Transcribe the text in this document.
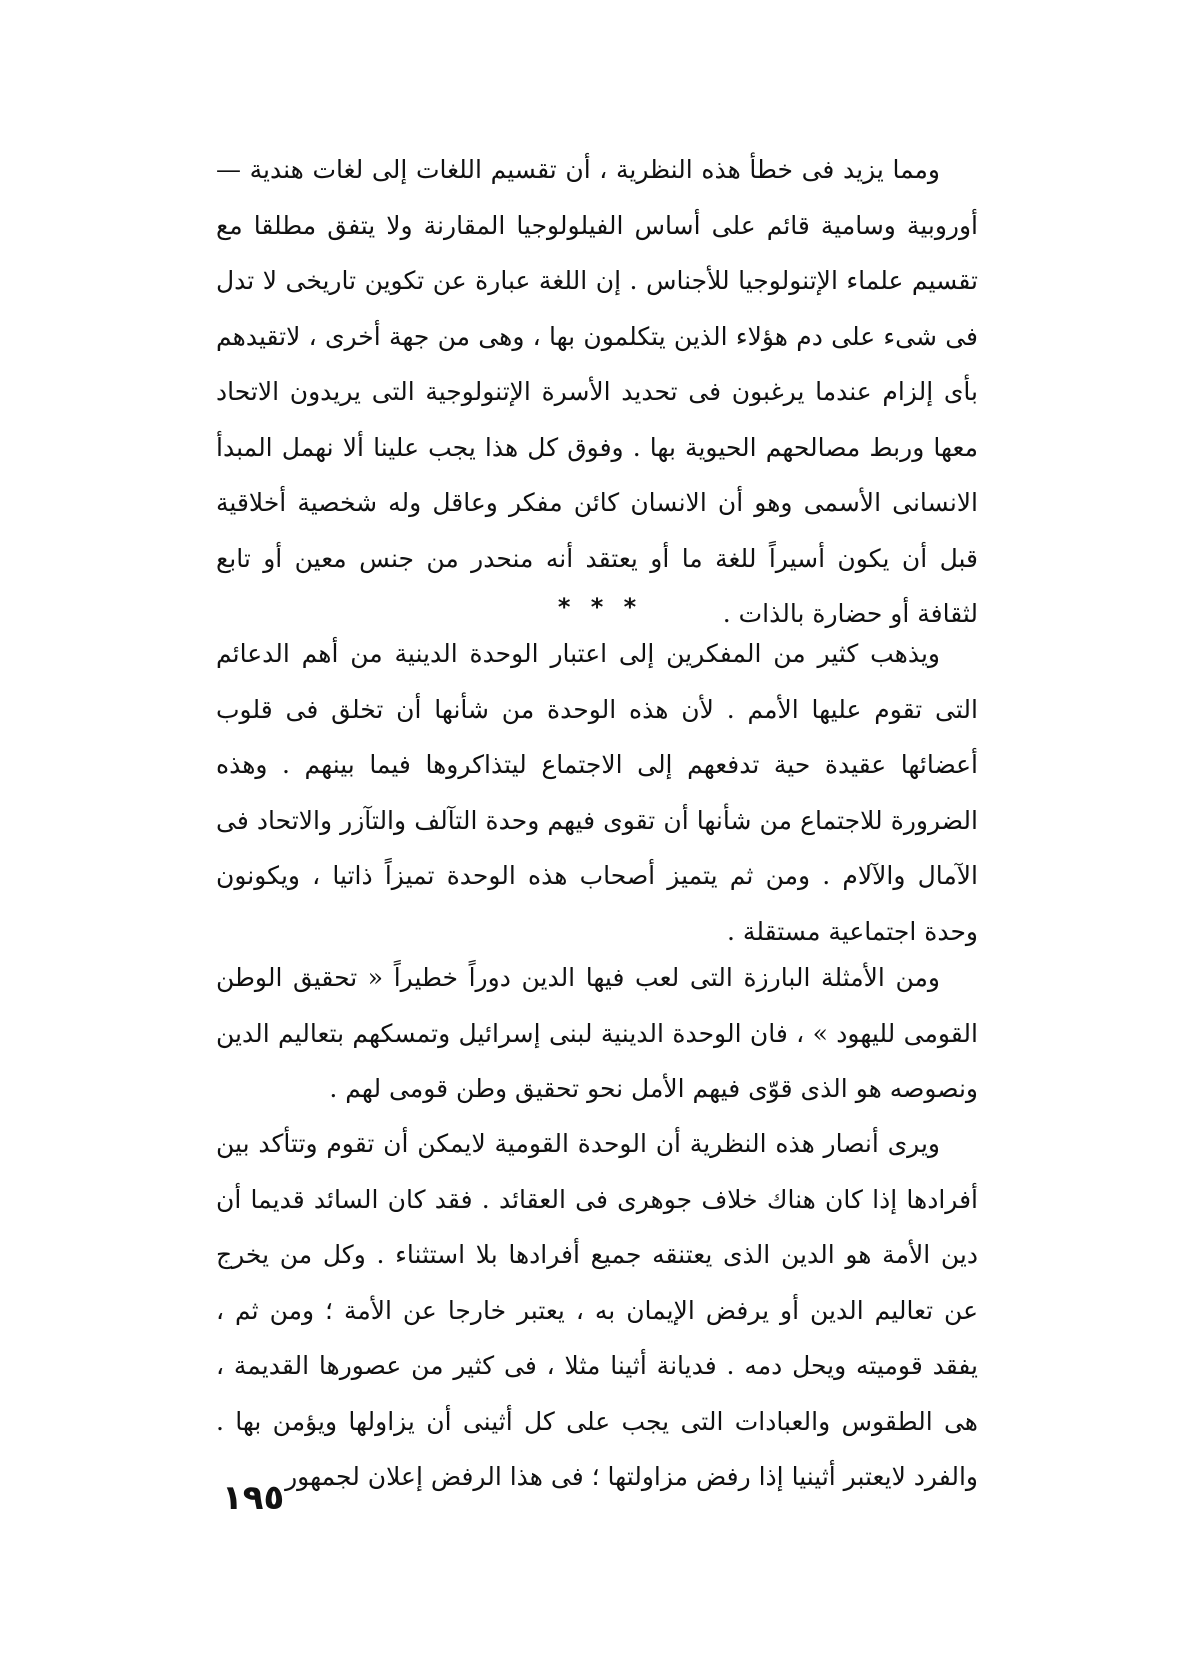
ومما يزيد فى خطأ هذه النظرية ، أن تقسيم اللغات إلى لغات هندية — أوروبية وسامية قائم على أساس الفيلولوجيا المقارنة ولا يتفق مطلقا مع تقسيم علماء الإتنولوجيا للأجناس . إن اللغة عبارة عن تكوين تاريخى لا تدل فى شىء على دم هؤلاء الذين يتكلمون بها ، وهى من جهة أخرى ، لاتقيدهم بأى إلزام عندما يرغبون فى تحديد الأسرة الإتنولوجية التى يريدون الاتحاد معها وربط مصالحهم الحيوية بها . وفوق كل هذا يجب علينا ألا نهمل المبدأ الانسانى الأسمى وهو أن الانسان كائن مفكر وعاقل وله شخصية أخلاقية قبل أن يكون أسيراً للغة ما أو يعتقد أنه منحدر من جنس معين أو تابع لثقافة أو حضارة بالذات .

* * *

ويذهب كثير من المفكرين إلى اعتبار الوحدة الدينية من أهم الدعائم التى تقوم عليها الأمم . لأن هذه الوحدة من شأنها أن تخلق فى قلوب أعضائها عقيدة حية تدفعهم إلى الاجتماع ليتذاكروها فيما بينهم . وهذه الضرورة للاجتماع من شأنها أن تقوى فيهم وحدة التآلف والتآزر والاتحاد فى الآمال والآلام . ومن ثم يتميز أصحاب هذه الوحدة تميزاً ذاتيا ، ويكونون وحدة اجتماعية مستقلة .

ومن الأمثلة البارزة التى لعب فيها الدين دوراً خطيراً « تحقيق الوطن القومى لليهود » ، فان الوحدة الدينية لبنى إسرائيل وتمسكهم بتعاليم الدين ونصوصه هو الذى قوّى فيهم الأمل نحو تحقيق وطن قومى لهم .

ويرى أنصار هذه النظرية أن الوحدة القومية لايمكن أن تقوم وتتأكد بين أفرادها إذا كان هناك خلاف جوهرى فى العقائد . فقد كان السائد قديما أن دين الأمة هو الدين الذى يعتنقه جميع أفرادها بلا استثناء . وكل من يخرج عن تعاليم الدين أو يرفض الإيمان به ، يعتبر خارجا عن الأمة ؛ ومن ثم ، يفقد قوميته ويحل دمه . فديانة أثينا مثلا ، فى كثير من عصورها القديمة ، هى الطقوس والعبادات التى يجب على كل أثينى أن يزاولها ويؤمن بها . والفرد لايعتبر أثينيا إذا رفض مزاولتها ؛ فى هذا الرفض إعلان لجمهور

١٩٥
